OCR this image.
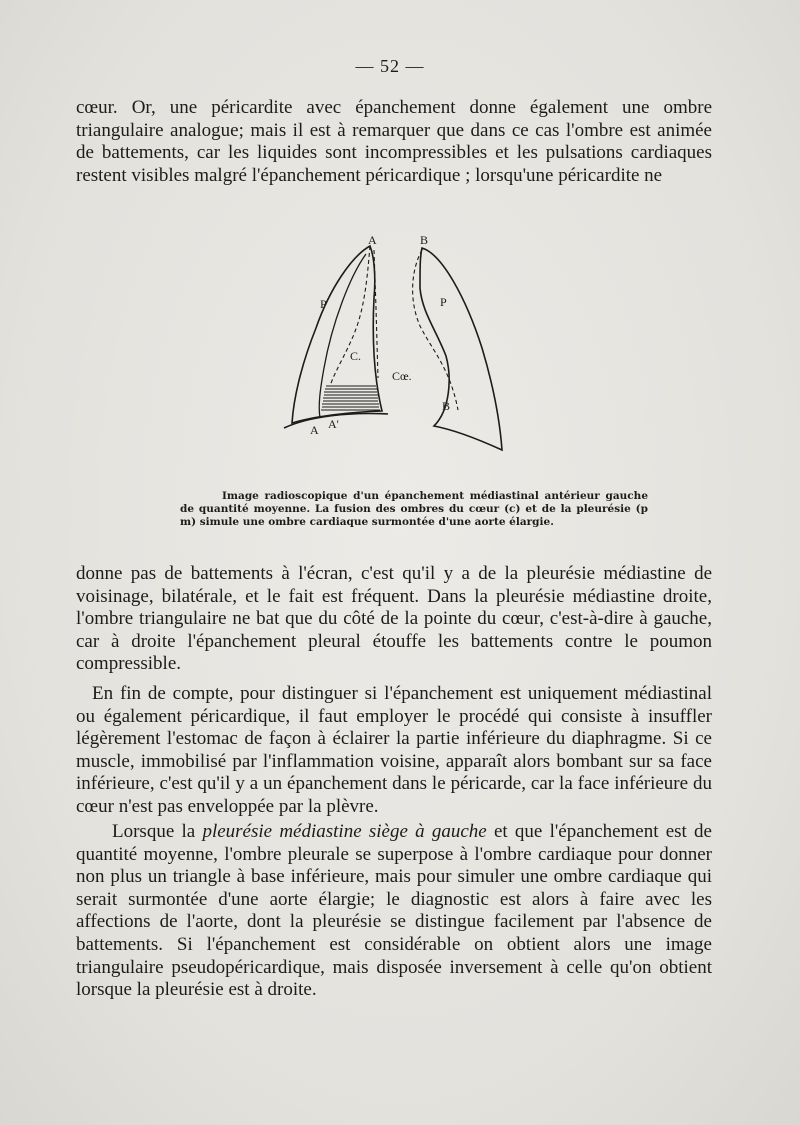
— 52 —

cœur. Or, une péricardite avec épanchement donne également une ombre triangulaire analogue; mais il est à remarquer que dans ce cas l'ombre est animée de battements, car les liquides sont incompressibles et les pulsations cardiaques restent visibles malgré l'épanchement péricardique ; lorsqu'une péricardite ne

A	B
P	P
C.
Cœ.
B
A A'

Image radioscopique d'un épanchement médiastinal antérieur gauche de quantité moyenne. La fusion des ombres du cœur (c) et de la pleurésie (p m) simule une ombre cardiaque surmontée d'une aorte élargie.

donne pas de battements à l'écran, c'est qu'il y a de la pleurésie médiastine de voisinage, bilatérale, et le fait est fréquent. Dans la pleurésie médiastine droite, l'ombre triangulaire ne bat que du côté de la pointe du cœur, c'est-à-dire à gauche, car à droite l'épanchement pleural étouffe les battements contre le poumon compressible.

En fin de compte, pour distinguer si l'épanchement est uniquement médiastinal ou également péricardique, il faut employer le procédé qui consiste à insuffler légèrement l'estomac de façon à éclairer la partie inférieure du diaphragme. Si ce muscle, immobilisé par l'inflammation voisine, apparaît alors bombant sur sa face inférieure, c'est qu'il y a un épanchement dans le péricarde, car la face inférieure du cœur n'est pas enveloppée par la plèvre.

Lorsque la pleurésie médiastine siège à gauche et que l'épanchement est de quantité moyenne, l'ombre pleurale se superpose à l'ombre cardiaque pour donner non plus un triangle à base inférieure, mais pour simuler une ombre cardiaque qui serait surmontée d'une aorte élargie; le diagnostic est alors à faire avec les affections de l'aorte, dont la pleurésie se distingue facilement par l'absence de battements. Si l'épanchement est considérable on obtient alors une image triangulaire pseudopéricardique, mais disposée inversement à celle qu'on obtient lorsque la pleurésie est à droite.
